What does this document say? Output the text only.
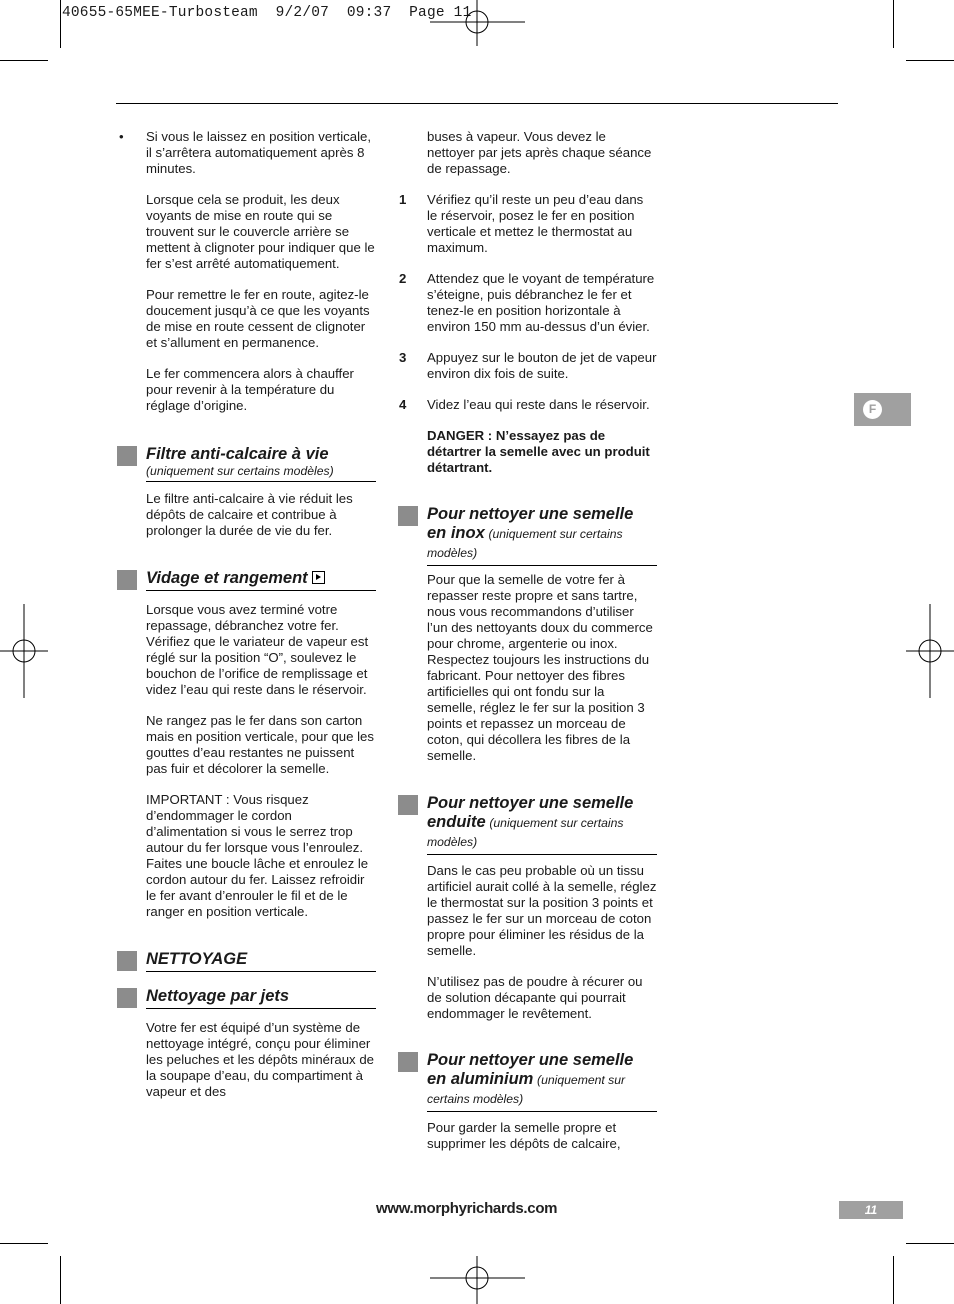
40655-65MEE-Turbosteam  9/2/07  09:37  Page 11
• Si vous le laissez en position verticale, il s’arrêtera automatiquement après 8 minutes.

Lorsque cela se produit, les deux voyants de mise en route qui se trouvent sur le couvercle arrière se mettent à clignoter pour indiquer que le fer s’est arrêté automatiquement.

Pour remettre le fer en route, agitez-le doucement jusqu’à ce que les voyants de mise en route cessent de clignoter et s’allument en permanence.

Le fer commencera alors à chauffer pour revenir à la température du réglage d’origine.

Filtre anti-calcaire à vie
(uniquement sur certains modèles)

Le filtre anti-calcaire à vie réduit les dépôts de calcaire et contribue à prolonger la durée de vie du fer.

Vidage et rangement

Lorsque vous avez terminé votre repassage, débranchez votre fer. Vérifiez que le variateur de vapeur est réglé sur la position “O”, soulevez le bouchon de l’orifice de remplissage et videz l’eau qui reste dans le réservoir.

Ne rangez pas le fer dans son carton mais en position verticale, pour que les gouttes d’eau restantes ne puissent pas fuir et décolorer la semelle.

IMPORTANT : Vous risquez d’endommager le cordon d’alimentation si vous le serrez trop autour du fer lorsque vous l’enroulez. Faites une boucle lâche et enroulez le cordon autour du fer. Laissez refroidir le fer avant d’enrouler le fil et de le ranger en position verticale.

NETTOYAGE
Nettoyage par jets

Votre fer est équipé d’un système de nettoyage intégré, conçu pour éliminer les peluches et les dépôts minéraux de la soupape d’eau, du compartiment à vapeur et des

buses à vapeur. Vous devez le nettoyer par jets après chaque séance de repassage.

1 Vérifiez qu’il reste un peu d’eau dans le réservoir, posez le fer en position verticale et mettez le thermostat au maximum.

2 Attendez que le voyant de température s’éteigne, puis débranchez le fer et tenez-le en position horizontale à environ 150 mm au-dessus d’un évier.

3 Appuyez sur le bouton de jet de vapeur environ dix fois de suite.

4 Videz l’eau qui reste dans le réservoir.

DANGER : N’essayez pas de détartrer la semelle avec un produit détartrant.

Pour nettoyer une semelle en inox (uniquement sur certains modèles)

Pour que la semelle de votre fer à repasser reste propre et sans tartre, nous vous recommandons d’utiliser l’un des nettoyants doux du commerce pour chrome, argenterie ou inox. Respectez toujours les instructions du fabricant. Pour nettoyer des fibres artificielles qui ont fondu sur la semelle, réglez le fer sur la position 3 points et repassez un morceau de coton, qui décollera les fibres de la semelle.

Pour nettoyer une semelle enduite (uniquement sur certains modèles)

Dans le cas peu probable où un tissu artificiel aurait collé à la semelle, réglez le thermostat sur la position 3 points et passez le fer sur un morceau de coton propre pour éliminer les résidus de la semelle.

N’utilisez pas de poudre à récurer ou de solution décapante qui pourrait endommager le revêtement.

Pour nettoyer une semelle en aluminium (uniquement sur certains modèles)

Pour garder la semelle propre et supprimer les dépôts de calcaire,

F
www.morphyrichards.com	11
